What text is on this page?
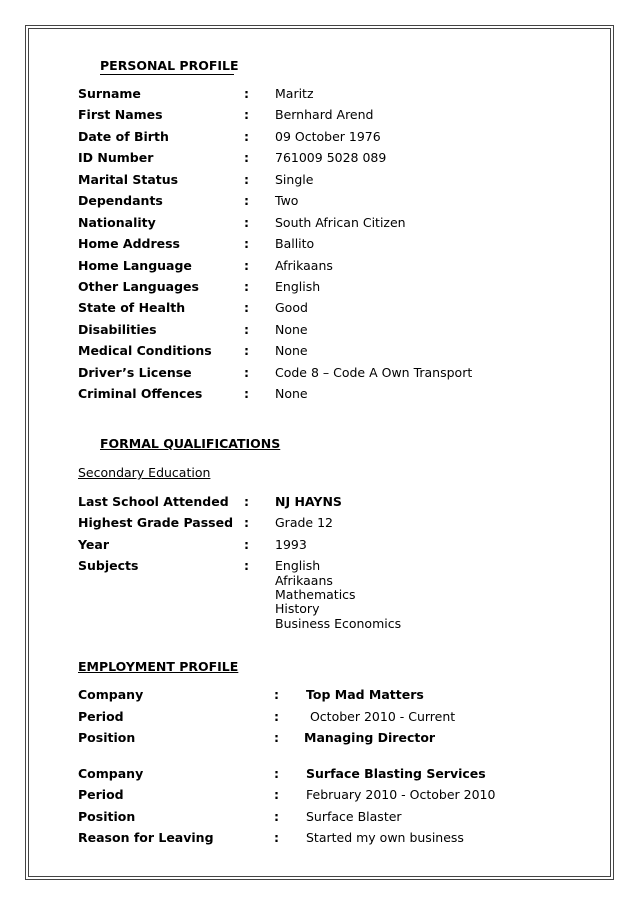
PERSONAL PROFILE
Surname	: Maritz
First Names	: Bernhard Arend
Date of Birth	: 09 October 1976
ID Number	: 761009 5028 089
Marital Status	: Single
Dependants	: Two
Nationality	: South African Citizen
Home Address	: Ballito
Home Language	: Afrikaans
Other Languages	: English
State of Health	: Good
Disabilities	: None
Medical Conditions	: None
Driver’s License	: Code 8 – Code A Own Transport
Criminal Offences	: None
FORMAL QUALIFICATIONS
Secondary Education
Last School Attended : NJ HAYNS
Highest Grade Passed : Grade 12
Year	: 1993
Subjects	: English
Afrikaans
Mathematics
History
Business Economics
EMPLOYMENT PROFILE
Company	: Top Mad Matters
Period	: October 2010 - Current
Position	: Managing Director
Company	: Surface Blasting Services
Period	: February 2010 - October 2010
Position	: Surface Blaster
Reason for Leaving	: Started my own business
